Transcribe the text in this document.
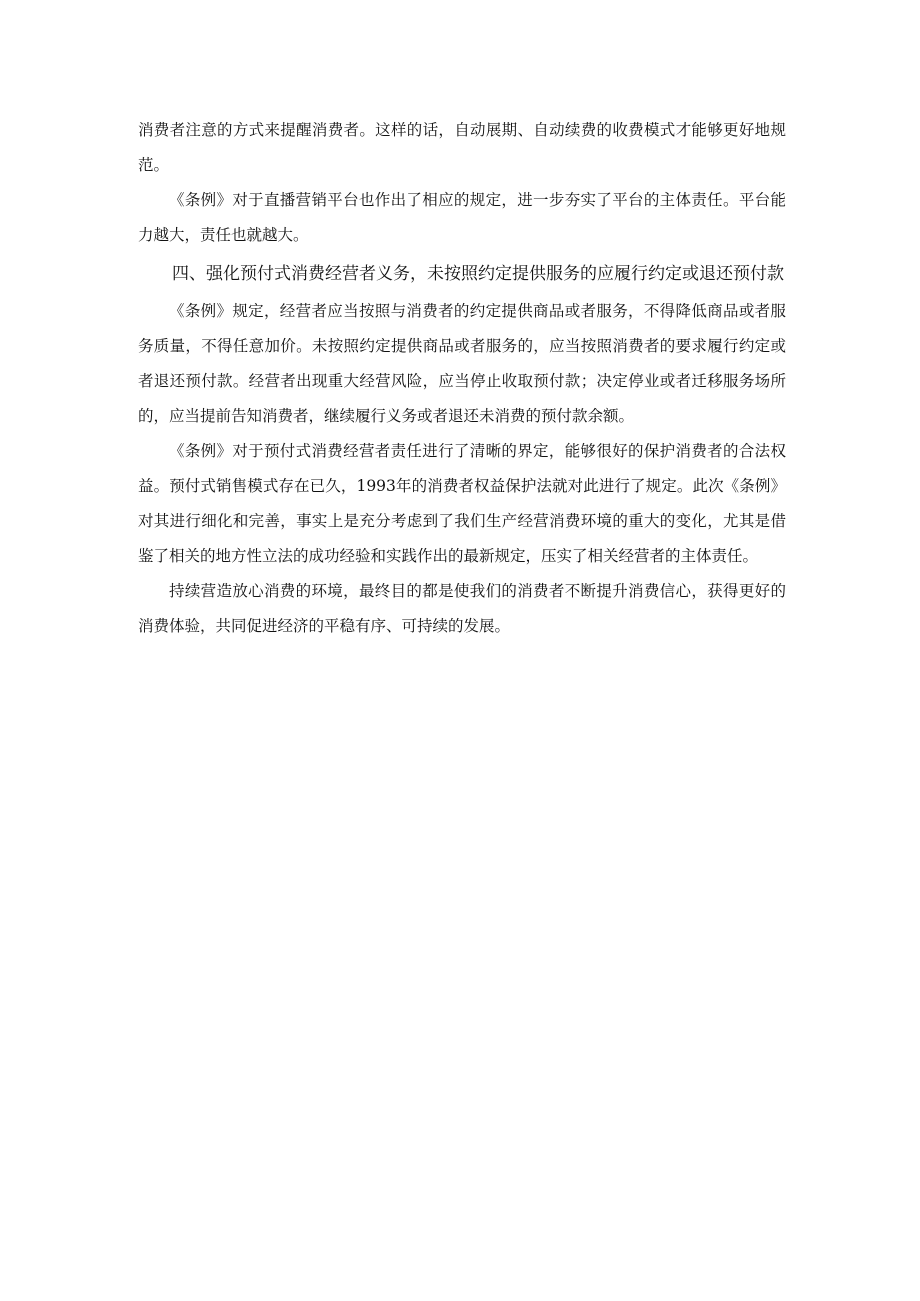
消费者注意的方式来提醒消费者。这样的话，自动展期、自动续费的收费模式才能够更好地规范。

《条例》对于直播营销平台也作出了相应的规定，进一步夯实了平台的主体责任。平台能力越大，责任也就越大。

四、强化预付式消费经营者义务，未按照约定提供服务的应履行约定或退还预付款

《条例》规定，经营者应当按照与消费者的约定提供商品或者服务，不得降低商品或者服务质量，不得任意加价。未按照约定提供商品或者服务的，应当按照消费者的要求履行约定或者退还预付款。经营者出现重大经营风险，应当停止收取预付款；决定停业或者迁移服务场所的，应当提前告知消费者，继续履行义务或者退还未消费的预付款余额。

《条例》对于预付式消费经营者责任进行了清晰的界定，能够很好的保护消费者的合法权益。预付式销售模式存在已久，1993年的消费者权益保护法就对此进行了规定。此次《条例》对其进行细化和完善，事实上是充分考虑到了我们生产经营消费环境的重大的变化，尤其是借鉴了相关的地方性立法的成功经验和实践作出的最新规定，压实了相关经营者的主体责任。

持续营造放心消费的环境，最终目的都是使我们的消费者不断提升消费信心，获得更好的消费体验，共同促进经济的平稳有序、可持续的发展。
